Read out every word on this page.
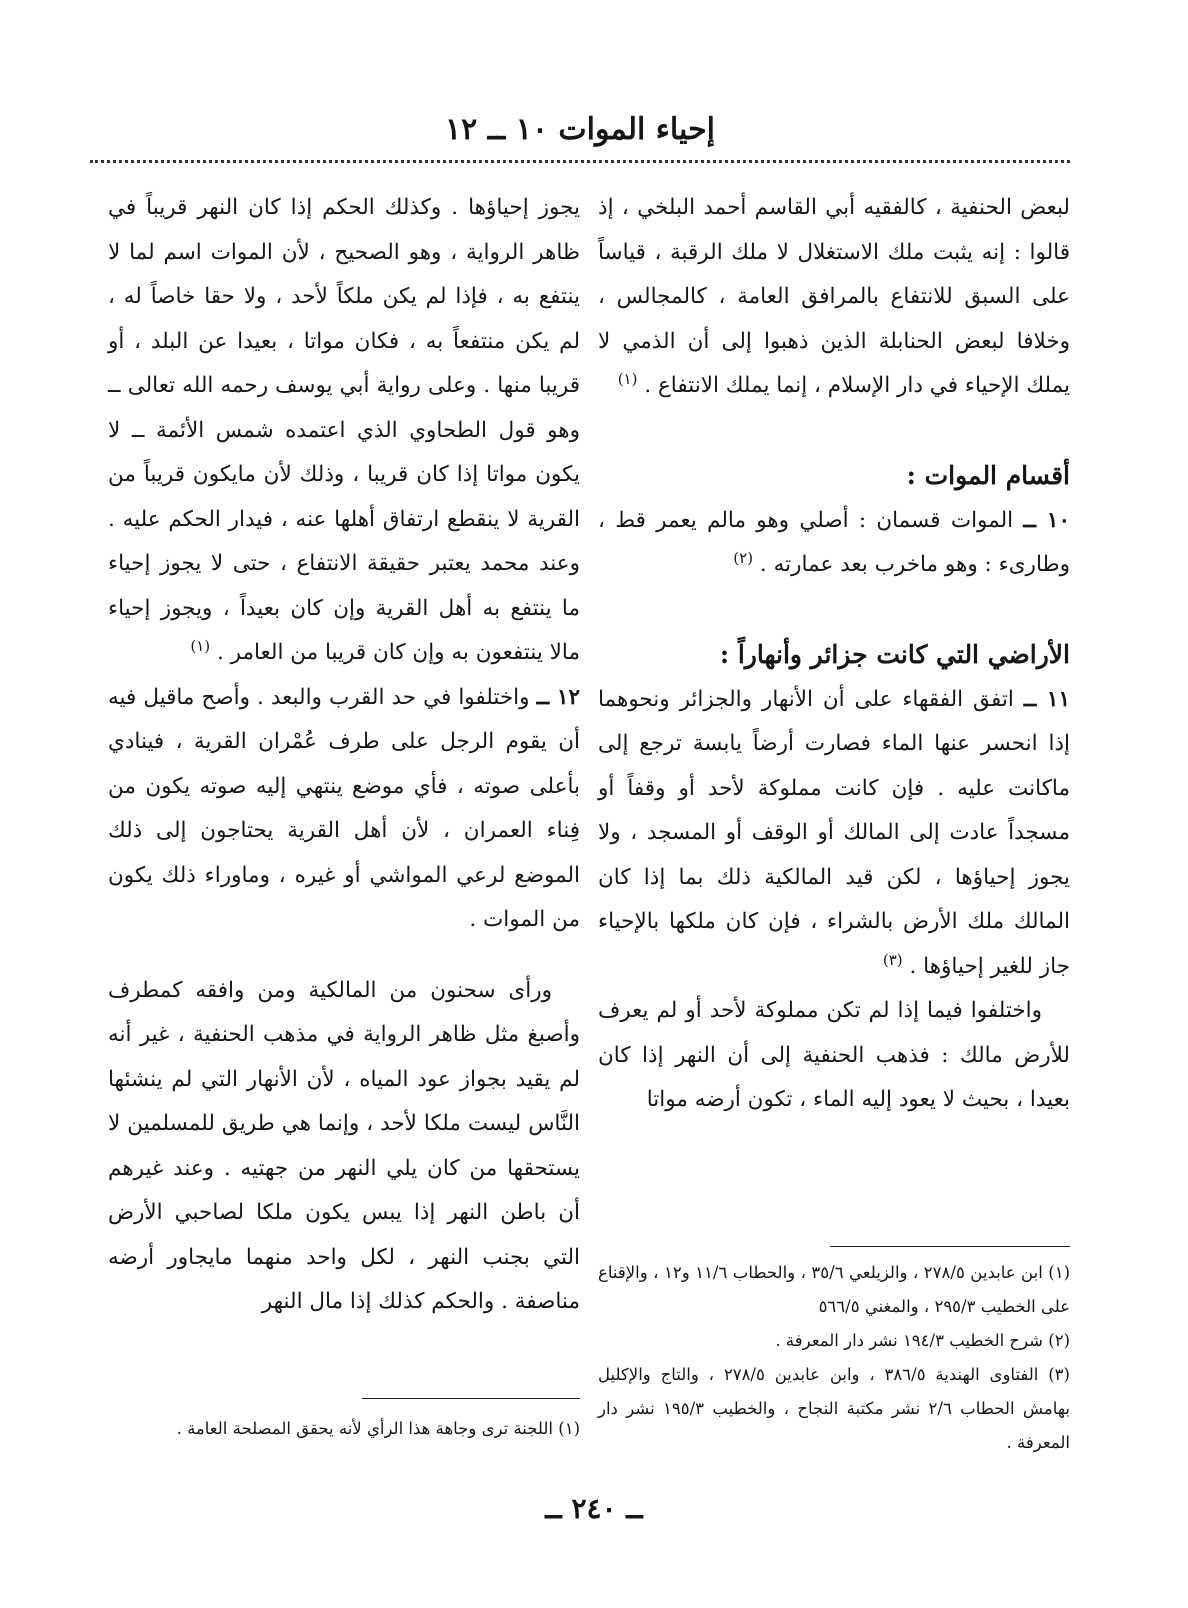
إحياء الموات ١٠ ــ ١٢

لبعض الحنفية ، كالفقيه أبي القاسم أحمد البلخي ، إذ قالوا : إنه يثبت ملك الاستغلال لا ملك الرقبة ، قياساً على السبق للانتفاع بالمرافق العامة ، كالمجالس ، وخلافا لبعض الحنابلة الذين ذهبوا إلى أن الذمي لا يملك الإحياء في دار الإسلام ، إنما يملك الانتفاع . $^{(١)}$

أقسام الموات :

١٠ ــ الموات قسمان : أصلي وهو مالم يعمر قط ، وطارىء : وهو ماخرب بعد عمارته . $^{(٢)}$

الأراضي التي كانت جزائر وأنهاراً :

١١ ــ اتفق الفقهاء على أن الأنهار والجزائر ونحوهما إذا انحسر عنها الماء فصارت أرضاً يابسة ترجع إلى ماكانت عليه . فإن كانت مملوكة لأحد أو وقفاً أو مسجداً عادت إلى المالك أو الوقف أو المسجد ، ولا يجوز إحياؤها ، لكن قيد المالكية ذلك بما إذا كان المالك ملك الأرض بالشراء ، فإن كان ملكها بالإحياء جاز للغير إحياؤها . $^{(٣)}$

واختلفوا فيما إذا لم تكن مملوكة لأحد أو لم يعرف للأرض مالك : فذهب الحنفية إلى أن النهر إذا كان بعيدا ، بحيث لا يعود إليه الماء ، تكون أرضه مواتا

يجوز إحياؤها . وكذلك الحكم إذا كان النهر قريباً في ظاهر الرواية ، وهو الصحيح ، لأن الموات اسم لما لا ينتفع به ، فإذا لم يكن ملكاً لأحد ، ولا حقا خاصاً له ، لم يكن منتفعاً به ، فكان مواتا ، بعيدا عن البلد ، أو قريبا منها . وعلى رواية أبي يوسف رحمه الله تعالى ــ وهو قول الطحاوي الذي اعتمده شمس الأئمة ــ لا يكون مواتا إذا كان قريبا ، وذلك لأن مايكون قريباً من القرية لا ينقطع ارتفاق أهلها عنه ، فيدار الحكم عليه . وعند محمد يعتبر حقيقة الانتفاع ، حتى لا يجوز إحياء ما ينتفع به أهل القرية وإن كان بعيداً ، ويجوز إحياء مالا ينتفعون به وإن كان قريبا من العامر . $^{(١)}$

١٢ ــ واختلفوا في حد القرب والبعد . وأصح ماقيل فيه أن يقوم الرجل على طرف عُمْران القرية ، فينادي بأعلى صوته ، فأي موضع ينتهي إليه صوته يكون من فِناء العمران ، لأن أهل القرية يحتاجون إلى ذلك الموضع لرعي المواشي أو غيره ، وماوراء ذلك يكون من الموات .

ورأى سحنون من المالكية ومن وافقه كمطرف وأصبغ مثل ظاهر الرواية في مذهب الحنفية ، غير أنه لم يقيد بجواز عود المياه ، لأن الأنهار التي لم ينشئها النَّاس ليست ملكا لأحد ، وإنما هي طريق للمسلمين لا يستحقها من كان يلي النهر من جهتيه . وعند غيرهم أن باطن النهر إذا يبس يكون ملكا لصاحبي الأرض التي بجنب النهر ، لكل واحد منهما مايجاور أرضه مناصفة . والحكم كذلك إذا مال النهر

(١) ابن عابدين ٢٧٨/٥ ، والزيلعي ٣٥/٦ ، والحطاب ١١/٦ و١٢ ، والإقناع على الخطيب ٢٩٥/٣ ، والمغني ٥٦٦/٥

(٢) شرح الخطيب ١٩٤/٣ نشر دار المعرفة .

(٣) الفتاوى الهندية ٣٨٦/٥ ، وابن عابدين ٢٧٨/٥ ، والتاج والإكليل بهامش الحطاب ٢/٦ نشر مكتبة النجاح ، والخطيب ١٩٥/٣ نشر دار المعرفة .

(١) اللجنة ترى وجاهة هذا الرأي لأنه يحقق المصلحة العامة .

ــ ٢٤٠ ــ
